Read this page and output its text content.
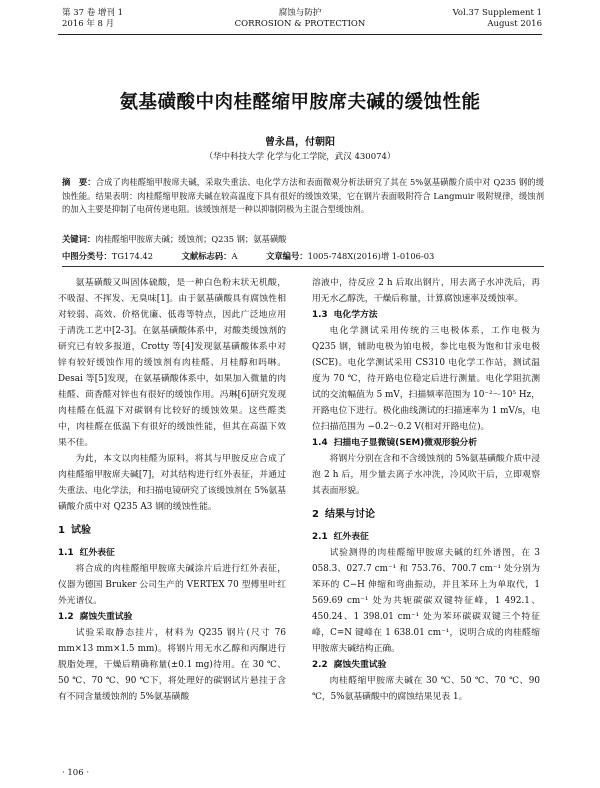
第 37 卷 增刊 1
2016 年 8 月
腐蚀与防护
CORROSION & PROTECTION
Vol.37 Supplement 1
August 2016
氨基磺酸中肉桂醛缩甲胺席夫碱的缓蚀性能
曾永昌，付朝阳
（华中科技大学 化学与化工学院，武汉 430074）
摘　要：合成了肉桂醛缩甲胺席夫碱，采取失重法、电化学方法和表面微观分析法研究了其在 5%氨基磺酸介质中对 Q235 钢的缓蚀性能。结果表明：肉桂醛缩甲胺席夫碱在较高温度下具有很好的缓蚀效果，它在钢片表面吸附符合 Langmuir 吸附规律，缓蚀剂的加入主要是抑制了电荷传递电阻。该缓蚀剂是一种以抑制阴极为主混合型缓蚀剂。
关键词：肉桂醛缩甲胺席夫碱；缓蚀剂；Q235 钢；氨基磺酸
中图分类号：TG174.42	文献标志码：A	文章编号：1005-748X(2016)增 1-0106-03

氨基磺酸又叫固体硫酸，是一种白色粉末状无机酸，不吸湿、不挥发、无臭味[1]。由于氨基磺酸具有腐蚀性相对较弱、高效、价格优廉、低毒等特点，因此广泛地应用于清洗工艺中[2-3]。在氨基磺酸体系中，对酸类缓蚀剂的研究已有较多报道，Crotty 等[4]发现氨基磺酸体系中对锌有较好缓蚀作用的缓蚀剂有肉桂醛、月桂醇和吗啉。Desai 等[5]发现，在氨基磺酸体系中，如果加入微量的肉桂醛、茴香醛对锌也有很好的缓蚀作用。冯琳[6]研究发现肉桂醛在低温下对碳钢有比较好的缓蚀效果。这些醛类中，肉桂醛在低温下有很好的缓蚀性能，但其在高温下效果不佳。

为此，本文以肉桂醛为原料，将其与甲胺反应合成了肉桂醛缩甲胺席夫碱[7]，对其结构进行红外表征，并通过失重法、电化学法，和扫描电镜研究了该缓蚀剂在 5%氨基磺酸介质中对 Q235 A3 钢的缓蚀性能。

1 试验
1.1 红外表征

将合成的肉桂醛缩甲胺席夫碱涂片后进行红外表征，仪器为德国 Bruker 公司生产的 VERTEX 70 型傅里叶红外光谱仪。

1.2 腐蚀失重试验

试验采取静态挂片，材料为 Q235 钢片(尺寸 76 mm×13 mm×1.5 mm)。将钢片用无水乙醇和丙酮进行脱脂处理，干燥后精确称量(±0.1 mg)待用。在 30 ℃、50 ℃、70 ℃、90 ℃下，将处理好的碳钢试片悬挂于含有不同含量缓蚀剂的 5%氨基磺酸

溶液中，待反应 2 h 后取出钢片，用去离子水冲洗后，再用无水乙醇洗，干燥后称量，计算腐蚀速率及缓蚀率。

1.3 电化学方法

电化学测试采用传统的三电极体系，工作电极为 Q235 钢，辅助电极为铂电极，参比电极为饱和甘汞电极(SCE)。电化学测试采用 CS310 电化学工作站，测试温度为 70 ℃，待开路电位稳定后进行测量。电化学阻抗测试的交流幅值为 5 mV，扫描频率范围为 10⁻²～10⁵ Hz，开路电位下进行。极化曲线测试的扫描速率为 1 mV/s，电位扫描范围为 −0.2～0.2 V(相对开路电位)。

1.4 扫描电子显微镜(SEM)微观形貌分析

将钢片分别在含和不含缓蚀剂的 5%氨基磺酸介质中浸泡 2 h 后，用少量去离子水冲洗，冷风吹干后，立即观察其表面形貌。

2 结果与讨论
2.1 红外表征

试验测得的肉桂醛缩甲胺席夫碱的红外谱图，在 3 058.3、027.7 cm⁻¹ 和 753.76、700.7 cm⁻¹ 处分别为苯环的 C−H 伸缩和弯曲振动，并且苯环上为单取代，1 569.69 cm⁻¹ 处为共轭碳碳双键特征峰，1 492.1、450.24、1 398.01 cm⁻¹ 处为苯环碳碳双键三个特征峰，C=N 键峰在 1 638.01 cm⁻¹，说明合成的肉桂醛缩甲胺席夫碱结构正确。

2.2 腐蚀失重试验

肉桂醛缩甲胺席夫碱在 30 ℃、50 ℃、70 ℃、90 ℃，5%氨基磺酸中的腐蚀结果见表 1。

· 106 ·
